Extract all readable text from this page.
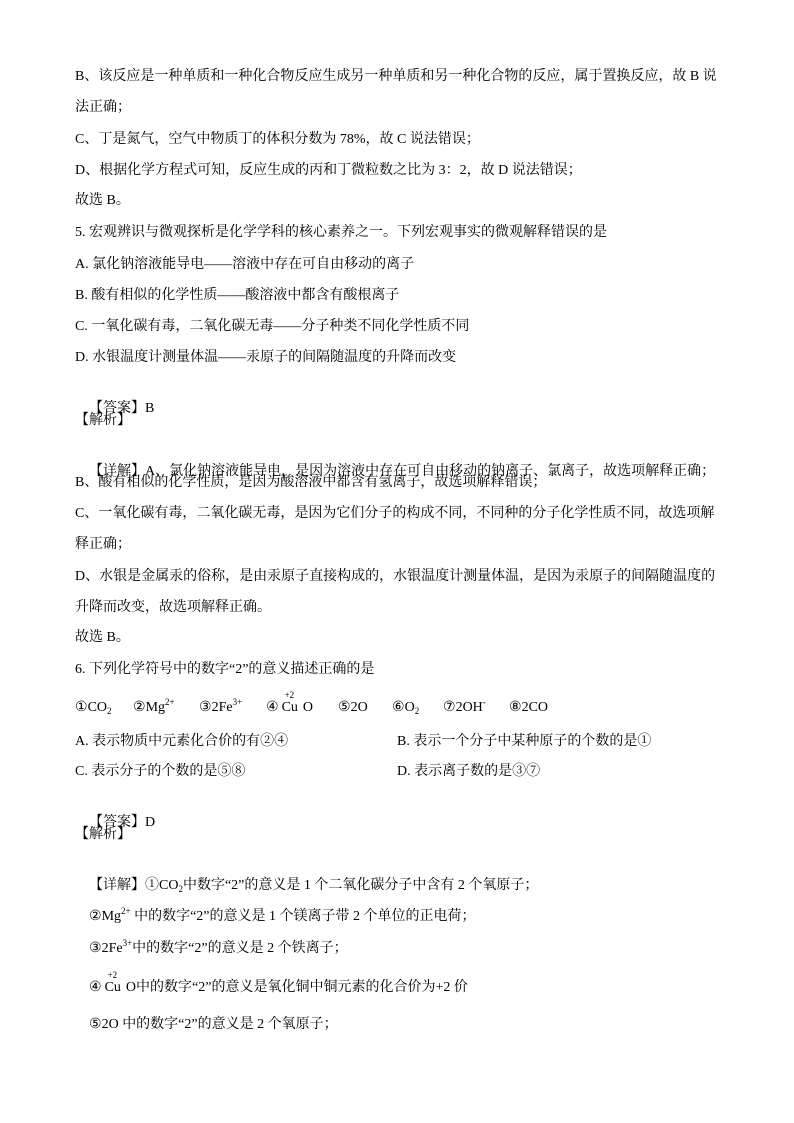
B、该反应是一种单质和一种化合物反应生成另一种单质和另一种化合物的反应，属于置换反应，故 B 说
法正确；
C、丁是氮气，空气中物质丁的体积分数为 78%，故 C 说法错误；
D、根据化学方程式可知，反应生成的丙和丁微粒数之比为 3：2，故 D 说法错误；
故选 B。
5. 宏观辨识与微观探析是化学学科的核心素养之一。下列宏观事实的微观解释错误的是
A. 氯化钠溶液能导电——溶液中存在可自由移动的离子
B. 酸有相似的化学性质——酸溶液中都含有酸根离子
C. 一氧化碳有毒，二氧化碳无毒——分子种类不同化学性质不同
D. 水银温度计测量体温——汞原子的间隔随温度的升降而改变

【答案】B

【解析】

【详解】A、氯化钠溶液能导电，是因为溶液中存在可自由移动的钠离子、氯离子，故选项解释正确；

B、酸有相似的化学性质，是因为酸溶液中都含有氢离子，故选项解释错误；
C、一氧化碳有毒，二氧化碳无毒，是因为它们分子的构成不同，不同种的分子化学性质不同，故选项解
释正确；
D、水银是金属汞的俗称，是由汞原子直接构成的，水银温度计测量体温，是因为汞原子的间隔随温度的
升降而改变，故选项解释正确。
故选 B。
6. 下列化学符号中的数字“2”的意义描述正确的是

$①CO_2$

$②Mg^{2+}$

$③2Fe^{3+}$

④
+2
Cu O

⑤2O

$⑥O_2$

⑦2OH-

⑧2CO

A. 表示物质中元素化合价的有②④

	B. 表示一个分子中某种原子的个数的是①

C. 表示分子的个数的是⑤⑧

	D. 表示离子数的是③⑦

【答案】D

【解析】

【详解】$①CO_2$中数字“2”的意义是 1 个二氧化碳分子中含有 2 个氧原子；

$②Mg^{2+}$ 中的数字“2”的意义是 1 个镁离子带 2 个单位的正电荷；

$③2Fe^{3+}$中的数字“2”的意义是 2 个铁离子；

④
+2
Cu O中的数字“2”的意义是氧化铜中铜元素的化合价为+2 价

⑤2O 中的数字“2”的意义是 2 个氧原子；
